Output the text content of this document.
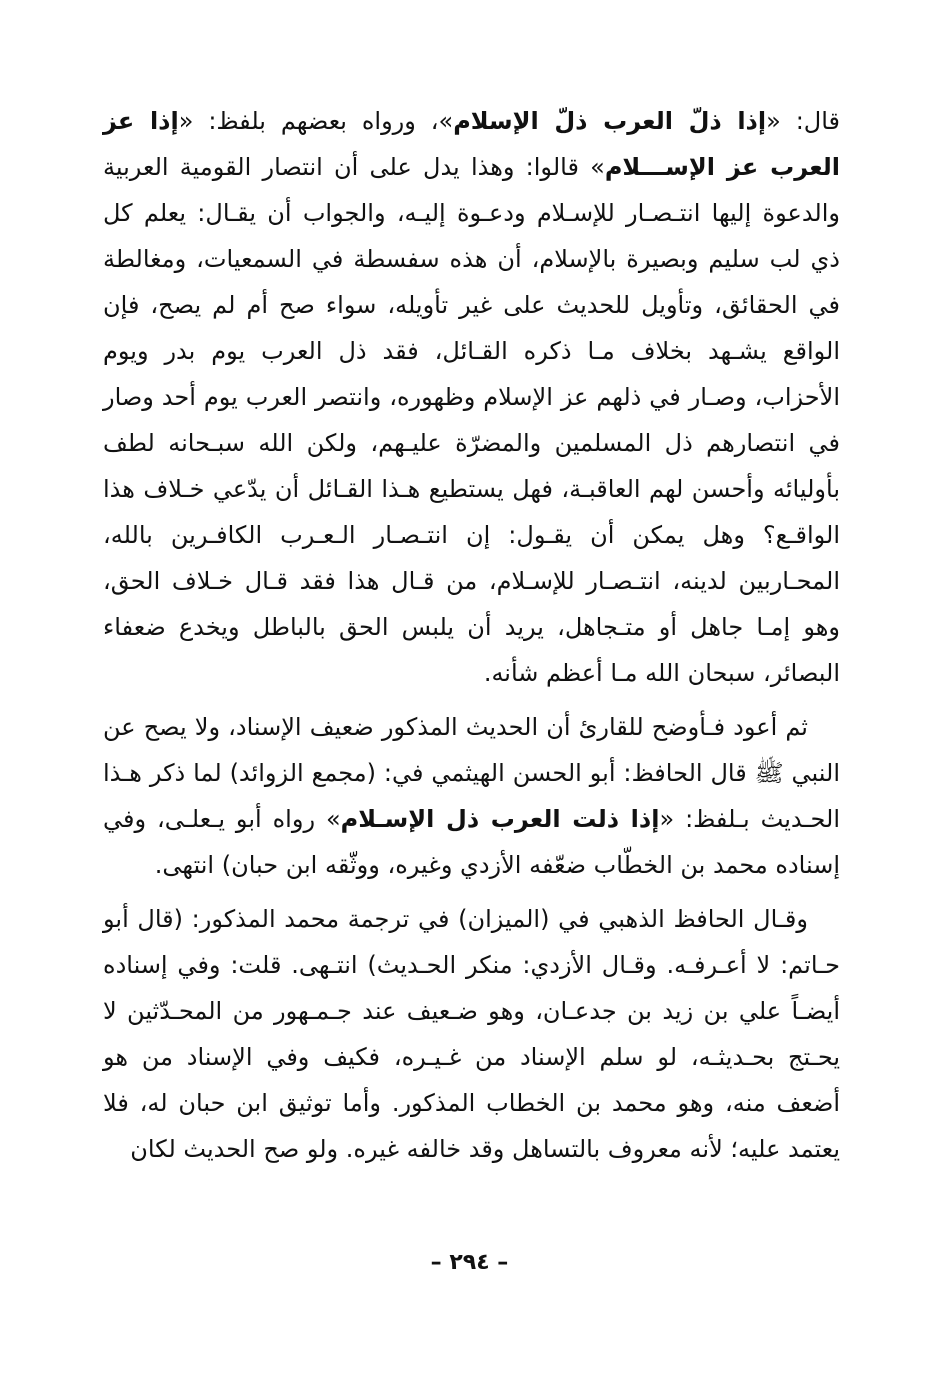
قال: «إذا ذلّ العرب ذلّ الإسلام»، ورواه بعضهم بلفظ: «إذا عز العرب عز الإســـلام» قالوا: وهذا يدل على أن انتصار القومية العربية والدعوة إليها انتـصـار للإسـلام ودعـوة إليـه، والجواب أن يقـال: يعلم كل ذي لب سليم وبصيرة بالإسلام، أن هذه سفسطة في السمعيات، ومغالطة في الحقائق، وتأويل للحديث على غير تأويله، سواء صح أم لم يصح، فإن الواقع يشـهد بخلاف مـا ذكره القـائل، فقد ذل العرب يوم بدر ويوم الأحزاب، وصـار في ذلهم عز الإسلام وظهوره، وانتصر العرب يوم أحد وصار في انتصارهم ذل المسلمين والمضرّة عليـهم، ولكن الله سبـحانه لطف بأوليائه وأحسن لهم العاقبـة، فهل يستطيع هـذا القـائل أن يدّعي خـلاف هذا الواقـع؟ وهل يمكن أن يقـول: إن انتـصـار الـعـرب الكافـرين بالله، المحـاربين لدينه، انتـصـار للإسـلام، من قـال هذا فقد قـال خـلاف الحق، وهو إمـا جاهل أو متـجاهل، يريد أن يلبس الحق بالباطل ويخدع ضعفاء البصائر، سبحان الله مـا أعظم شأنه.

ثم أعود فـأوضح للقارئ أن الحديث المذكور ضعيف الإسناد، ولا يصح عن النبي ﷺ قال الحافظ: أبو الحسن الهيثمي في: (مجمع الزوائد) لما ذكر هـذا الحـديث بـلفظ: «إذا ذلت العرب ذل الإسـلام» رواه أبو يـعلـى، وفي إسناده محمد بن الخطّاب ضعّفه الأزدي وغيره، ووثّقه ابن حبان) انتهى.

وقـال الحافظ الذهبي في (الميزان) في ترجمة محمد المذكور: (قال أبو حـاتم: لا أعـرفـه. وقـال الأزدي: منكر الحـديث) انتـهى. قلت: وفي إسناده أيضـاً علي بن زيد بن جدعـان، وهو ضـعيف عند جـمـهور من المحـدّثين لا يحـتج بحـديثـه، لو سلم الإسناد من غـيـره، فكيف وفي الإسناد من هو أضعف منه، وهو محمد بن الخطاب المذكور. وأما توثيق ابن حبان له، فلا يعتمد عليه؛ لأنه معروف بالتساهل وقد خالفه غيره. ولو صح الحديث لكان

– ٢٩٤ –
